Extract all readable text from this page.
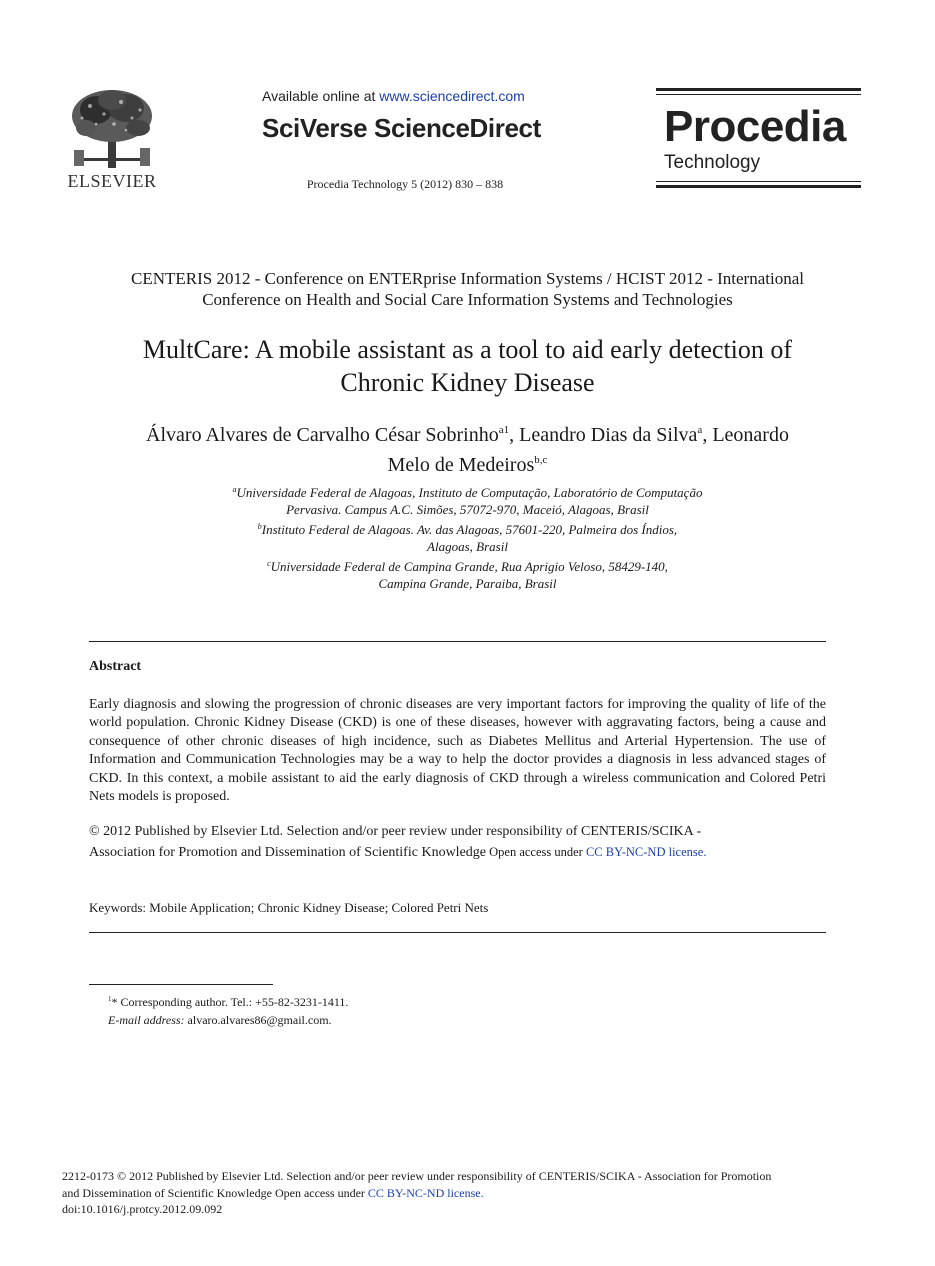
ELSEVIER
Available online at www.sciencedirect.com
SciVerse ScienceDirect
Procedia Technology 5 (2012) 830 – 838
Procedia
Technology
CENTERIS 2012 - Conference on ENTERprise Information Systems / HCIST 2012 - International
Conference on Health and Social Care Information Systems and Technologies
MultCare: A mobile assistant as a tool to aid early detection of
Chronic Kidney Disease
Álvaro Alvares de Carvalho César Sobrinho$^{a1}$, Leandro Dias da Silva$^a$, Leonardo
Melo de Medeiros$^{b,c}$
$^a$Universidade Federal de Alagoas, Instituto de Computação, Laboratório de Computação
Pervasiva. Campus A.C. Simões, 57072-970, Maceió, Alagoas, Brasil
$^b$Instituto Federal de Alagoas. Av. das Alagoas, 57601-220, Palmeira dos Índios,
Alagoas, Brasil
$^c$Universidade Federal de Campina Grande, Rua Aprigio Veloso, 58429-140,
Campina Grande, Paraiba, Brasil
Abstract
Early diagnosis and slowing the progression of chronic diseases are very important factors for improving the quality of life of the world population. Chronic Kidney Disease (CKD) is one of these diseases, however with aggravating factors, being a cause and consequence of other chronic diseases of high incidence, such as Diabetes Mellitus and Arterial Hypertension. The use of Information and Communication Technologies may be a way to help the doctor provides a diagnosis in less advanced stages of CKD. In this context, a mobile assistant to aid the early diagnosis of CKD through a wireless communication and Colored Petri Nets models is proposed.
© 2012 Published by Elsevier Ltd. Selection and/or peer review under responsibility of CENTERIS/SCIKA -
Association for Promotion and Dissemination of Scientific Knowledge Open access under CC BY-NC-ND license.
Keywords: Mobile Application; Chronic Kidney Disease; Colored Petri Nets
$^1$* Corresponding author. Tel.: +55-82-3231-1411.
E-mail address: alvaro.alvares86@gmail.com.
2212-0173 © 2012 Published by Elsevier Ltd. Selection and/or peer review under responsibility of CENTERIS/SCIKA - Association for Promotion
and Dissemination of Scientific Knowledge Open access under CC BY-NC-ND license.
doi:10.1016/j.protcy.2012.09.092
